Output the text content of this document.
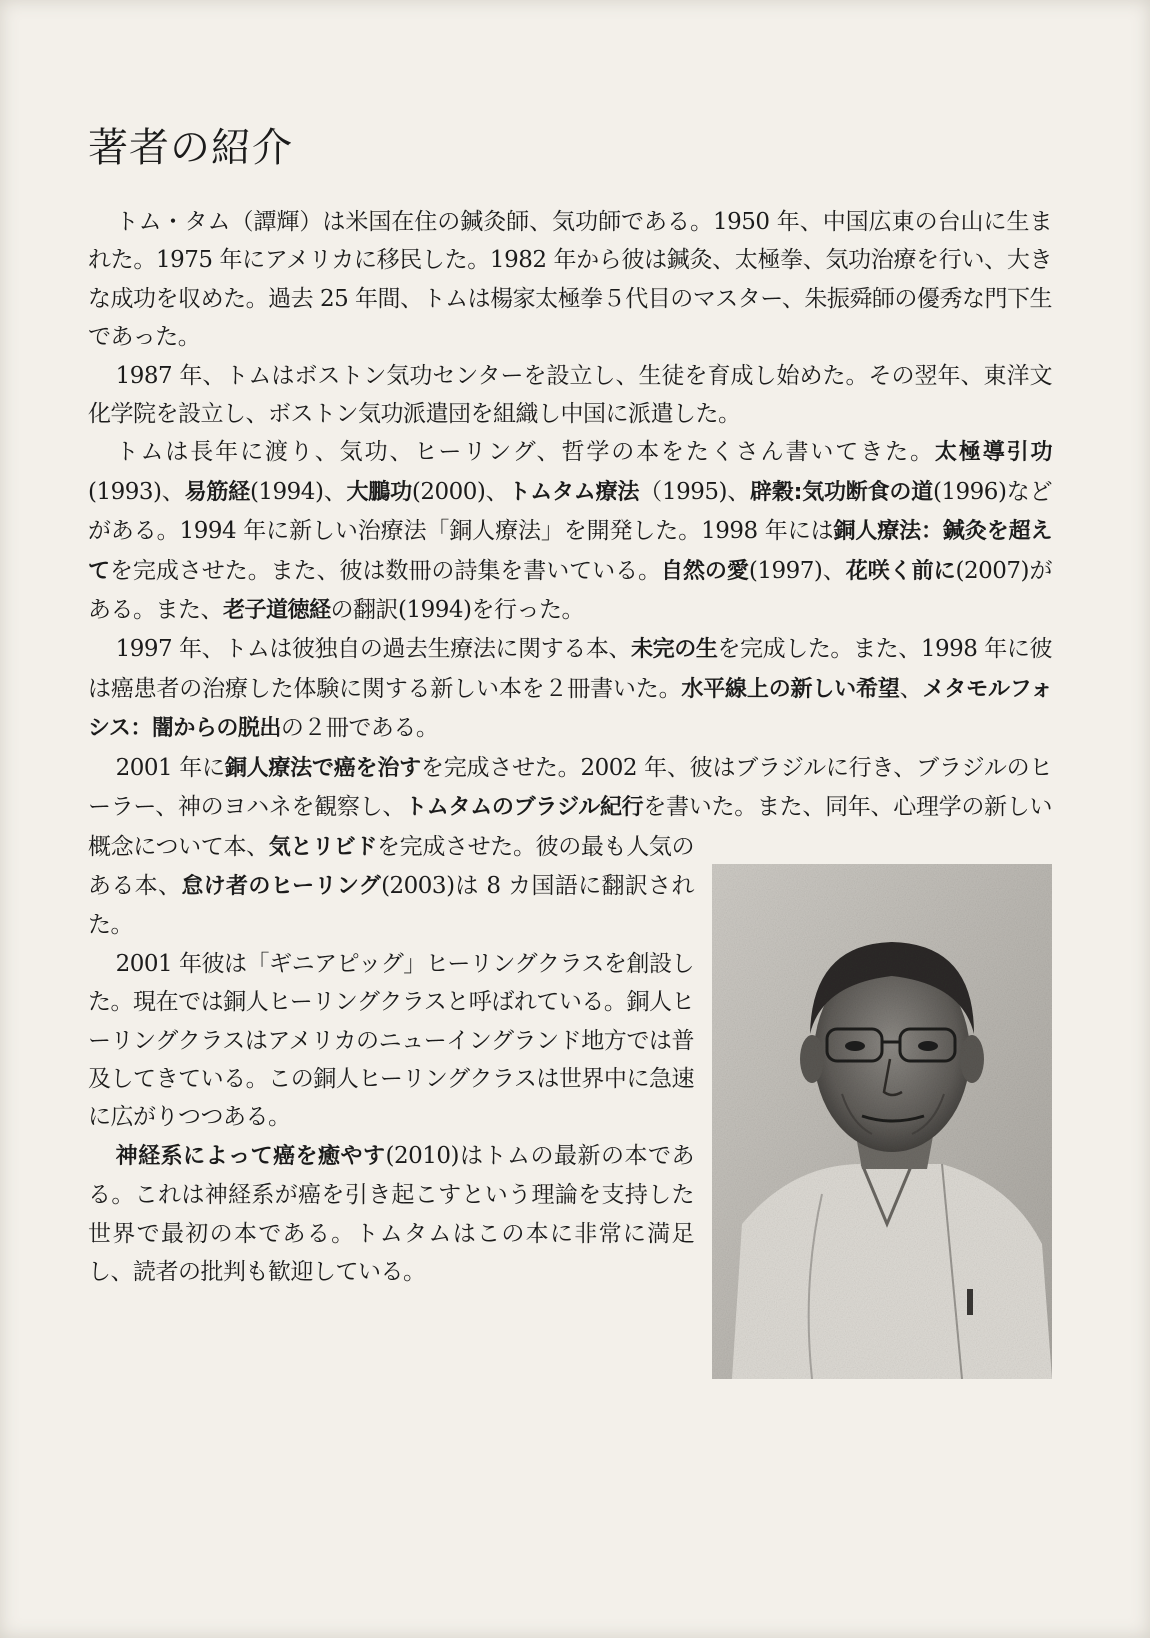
著者の紹介

トム・タム（譚輝）は米国在住の鍼灸師、気功師である。1950 年、中国広東の台山に生まれた。1975 年にアメリカに移民した。1982 年から彼は鍼灸、太極拳、気功治療を行い、大きな成功を収めた。過去 25 年間、トムは楊家太極拳５代目のマスター、朱振舜師の優秀な門下生であった。

1987 年、トムはボストン気功センターを設立し、生徒を育成し始めた。その翌年、東洋文化学院を設立し、ボストン気功派遣団を組織し中国に派遣した。

トムは長年に渡り、気功、ヒーリング、哲学の本をたくさん書いてきた。太極導引功(1993)、易筋経(1994)、大鵬功(2000)、トムタム療法（1995)、辟穀:気功断食の道(1996)などがある。1994 年に新しい治療法「銅人療法」を開発した。1998 年には銅人療法：鍼灸を超えてを完成させた。また、彼は数冊の詩集を書いている。自然の愛(1997)、花咲く前に(2007)がある。また、老子道徳経の翻訳(1994)を行った。

1997 年、トムは彼独自の過去生療法に関する本、未完の生を完成した。また、1998 年に彼は癌患者の治療した体験に関する新しい本を２冊書いた。水平線上の新しい希望、メタモルフォシス：闇からの脱出の２冊である。

2001 年に銅人療法で癌を治すを完成させた。2002 年、彼はブラジルに行き、ブラジルのヒーラー、神のヨハネを観察し、トムタムのブラジル紀行を書いた。また、同年、心理学の新しい概念について本、気とリビドを完成させた。彼の最も人気のある本、怠け者のヒーリング(2003)は 8 カ国語に翻訳された。

2001 年彼は「ギニアピッグ」ヒーリングクラスを創設した。現在では銅人ヒーリングクラスと呼ばれている。銅人ヒーリングクラスはアメリカのニューイングランド地方では普及してきている。この銅人ヒーリングクラスは世界中に急速に広がりつつある。

神経系によって癌を癒やす(2010)はトムの最新の本である。これは神経系が癌を引き起こすという理論を支持した世界で最初の本である。トムタムはこの本に非常に満足し、読者の批判も歓迎している。
